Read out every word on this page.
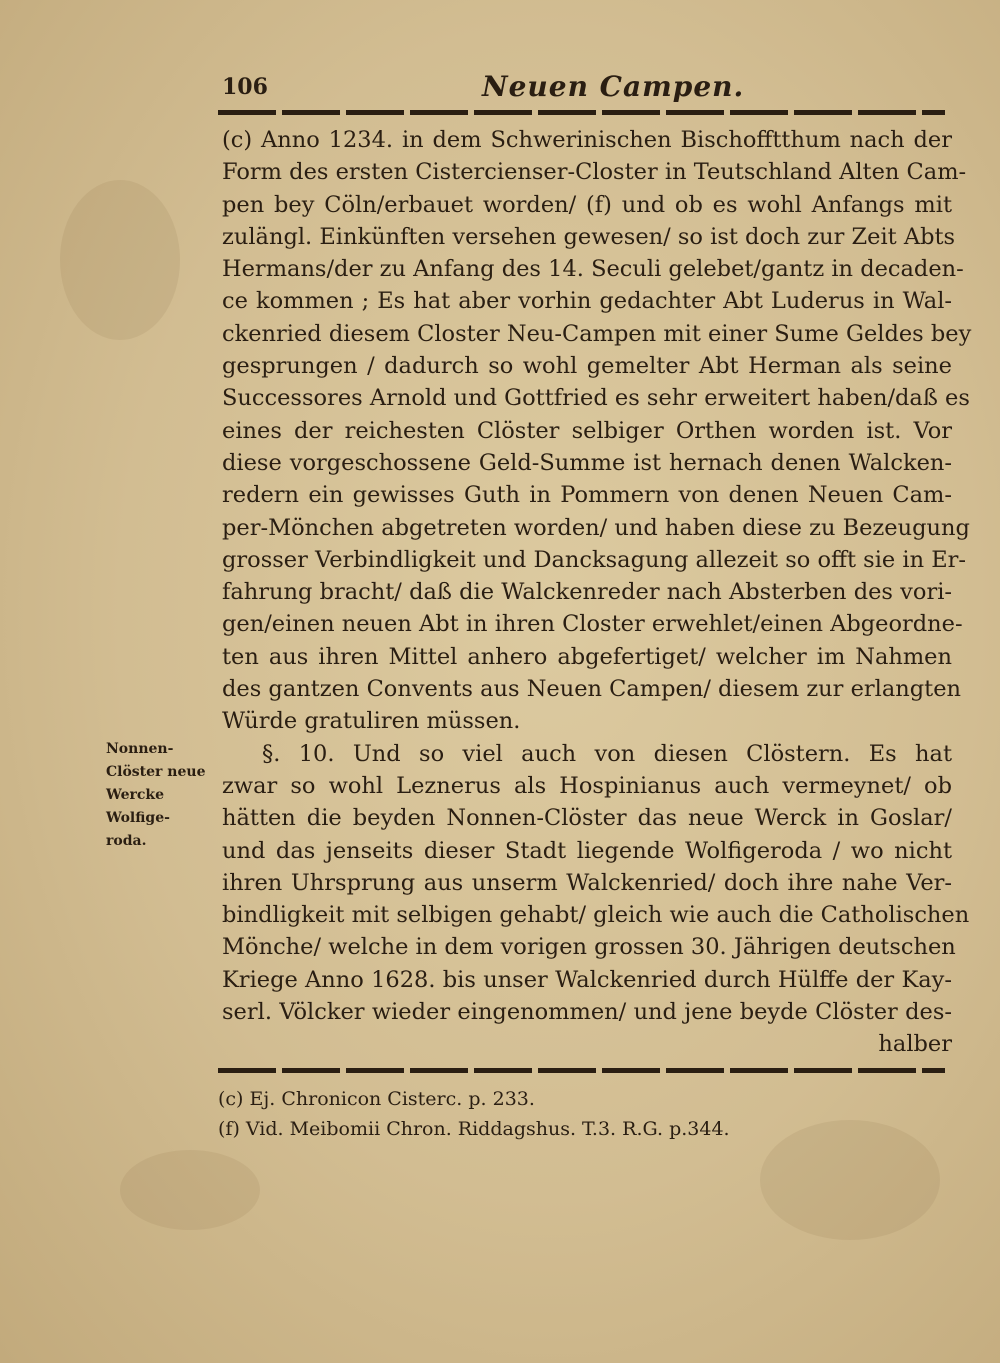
106	Neuen Campen.
Nonnen-
Clöster neue
Wercke
Wolfige-
roda.
(c) Anno 1234. in dem Schwerinischen Bischofftthum nach der
Form des ersten Cistercienser-Closter in Teutschland Alten Cam-
pen bey Cöln/erbauet worden/ (f) und ob es wohl Anfangs mit
zulängl. Einkünften versehen gewesen/ so ist doch zur Zeit Abts
Hermans/der zu Anfang des 14. Seculi gelebet/gantz in decaden-
ce kommen ; Es hat aber vorhin gedachter Abt Luderus in Wal-
ckenried diesem Closter Neu-Campen mit einer Sume Geldes bey
gesprungen / dadurch so wohl gemelter Abt Herman als seine
Successores Arnold und Gottfried es sehr erweitert haben/daß es
eines der reichesten Clöster selbiger Orthen worden ist. Vor
diese vorgeschossene Geld-Summe ist hernach denen Walcken-
redern ein gewisses Guth in Pommern von denen Neuen Cam-
per-Mönchen abgetreten worden/ und haben diese zu Bezeugung
grosser Verbindligkeit und Dancksagung allezeit so offt sie in Er-
fahrung bracht/ daß die Walckenreder nach Absterben des vori-
gen/einen neuen Abt in ihren Closter erwehlet/einen Abgeordne-
ten aus ihren Mittel anhero abgefertiget/ welcher im Nahmen
des gantzen Convents aus Neuen Campen/ diesem zur erlangten
Würde gratuliren müssen.
§. 10. Und so viel auch von diesen Clöstern. Es hat
zwar so wohl Leznerus als Hospinianus auch vermeynet/ ob
hätten die beyden Nonnen-Clöster das neue Werck in Goslar/
und das jenseits dieser Stadt liegende Wolfigeroda / wo nicht
ihren Uhrsprung aus unserm Walckenried/ doch ihre nahe Ver-
bindligkeit mit selbigen gehabt/ gleich wie auch die Catholischen
Mönche/ welche in dem vorigen grossen 30. Jährigen deutschen
Kriege Anno 1628. bis unser Walckenried durch Hülffe der Kay-
serl. Völcker wieder eingenommen/ und jene beyde Clöster des-
halber
(c) Ej. Chronicon Cisterc. p. 233.
(f) Vid. Meibomii Chron. Riddagshus. T.3. R.G. p.344.
